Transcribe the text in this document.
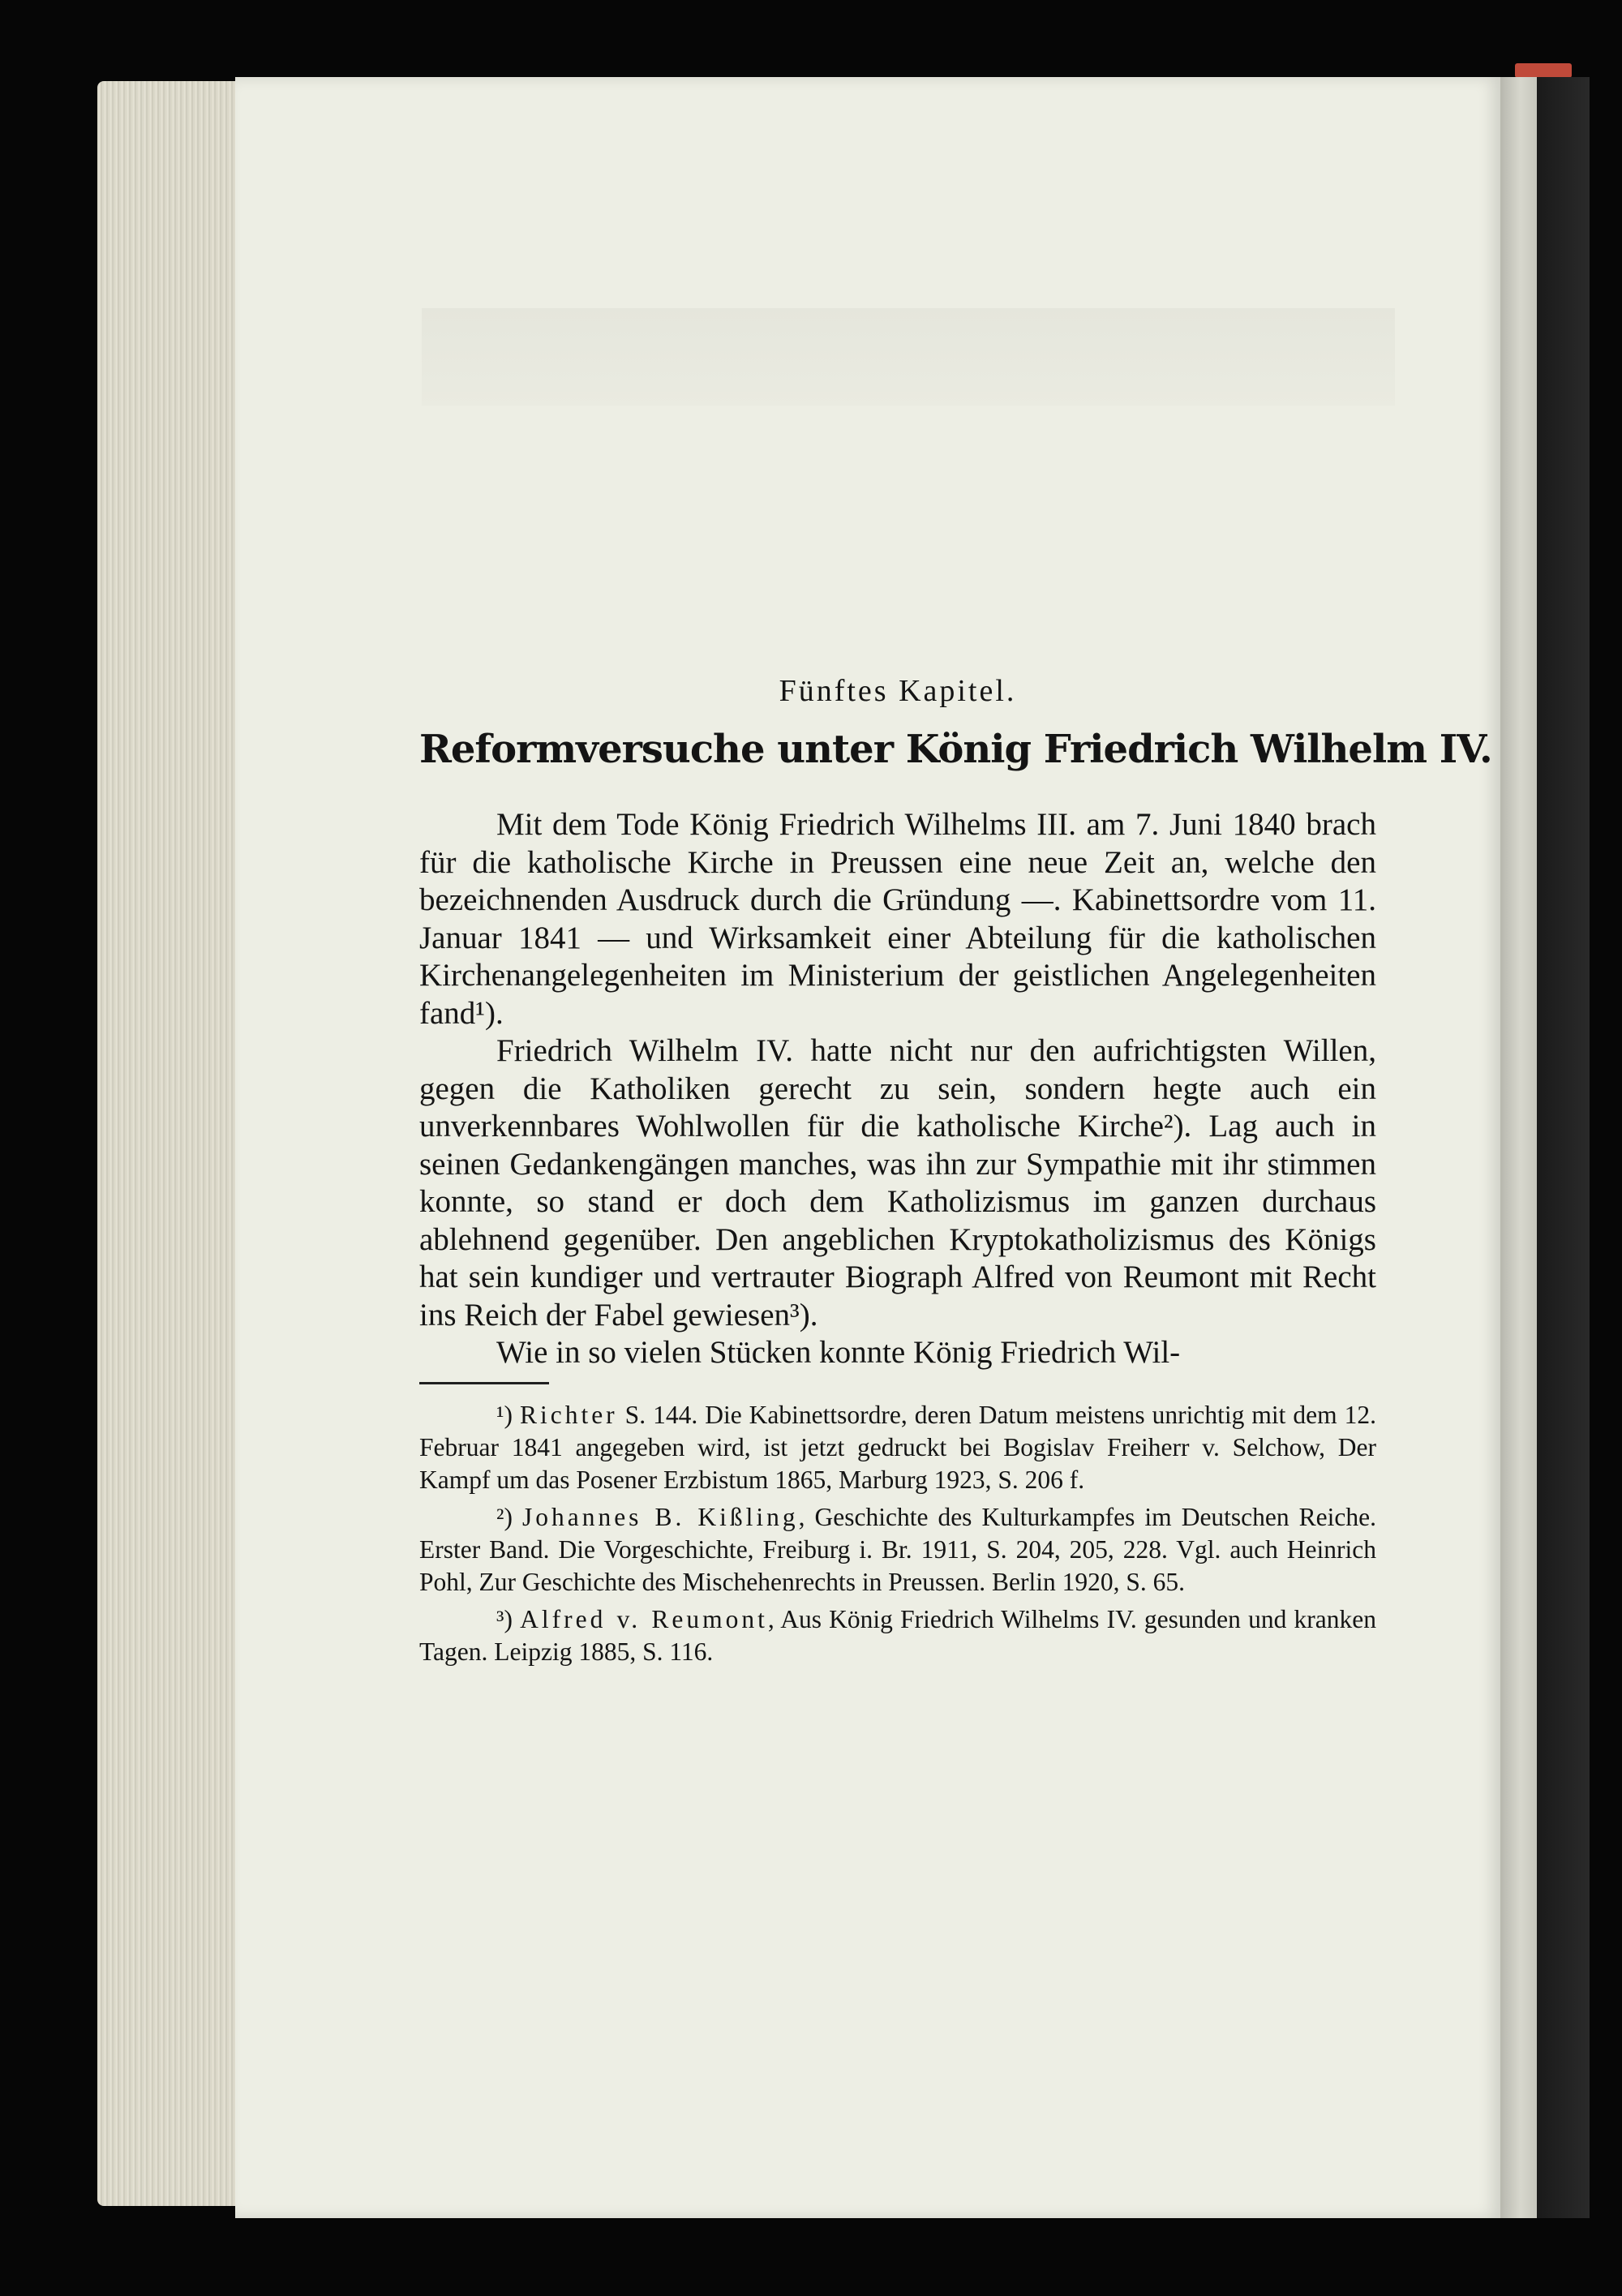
Fünftes Kapitel.
Reformversuche unter König Friedrich Wilhelm IV.

Mit dem Tode König Friedrich Wilhelms III. am 7. Juni 1840 brach für die katholische Kirche in Preussen eine neue Zeit an, welche den bezeichnenden Ausdruck durch die Gründung —. Kabinettsordre vom 11. Januar 1841 — und Wirksamkeit einer Abteilung für die katholischen Kirchenangelegenheiten im Ministerium der geistlichen Angelegenheiten fand¹).

Friedrich Wilhelm IV. hatte nicht nur den aufrichtigsten Willen, gegen die Katholiken gerecht zu sein, sondern hegte auch ein unverkennbares Wohlwollen für die katholische Kirche²). Lag auch in seinen Gedankengängen manches, was ihn zur Sympathie mit ihr stimmen konnte, so stand er doch dem Katholizismus im ganzen durchaus ablehnend gegenüber. Den angeblichen Kryptokatholizismus des Königs hat sein kundiger und vertrauter Biograph Alfred von Reumont mit Recht ins Reich der Fabel gewiesen³).

Wie in so vielen Stücken konnte König Friedrich Wil-

¹) Richter S. 144. Die Kabinettsordre, deren Datum meistens unrichtig mit dem 12. Februar 1841 angegeben wird, ist jetzt gedruckt bei Bogislav Freiherr v. Selchow, Der Kampf um das Posener Erzbistum 1865, Marburg 1923, S. 206 f.

²) Johannes B. Kißling, Geschichte des Kulturkampfes im Deutschen Reiche. Erster Band. Die Vorgeschichte, Freiburg i. Br. 1911, S. 204, 205, 228. Vgl. auch Heinrich Pohl, Zur Geschichte des Mischehenrechts in Preussen. Berlin 1920, S. 65.

³) Alfred v. Reumont, Aus König Friedrich Wilhelms IV. gesunden und kranken Tagen. Leipzig 1885, S. 116.
